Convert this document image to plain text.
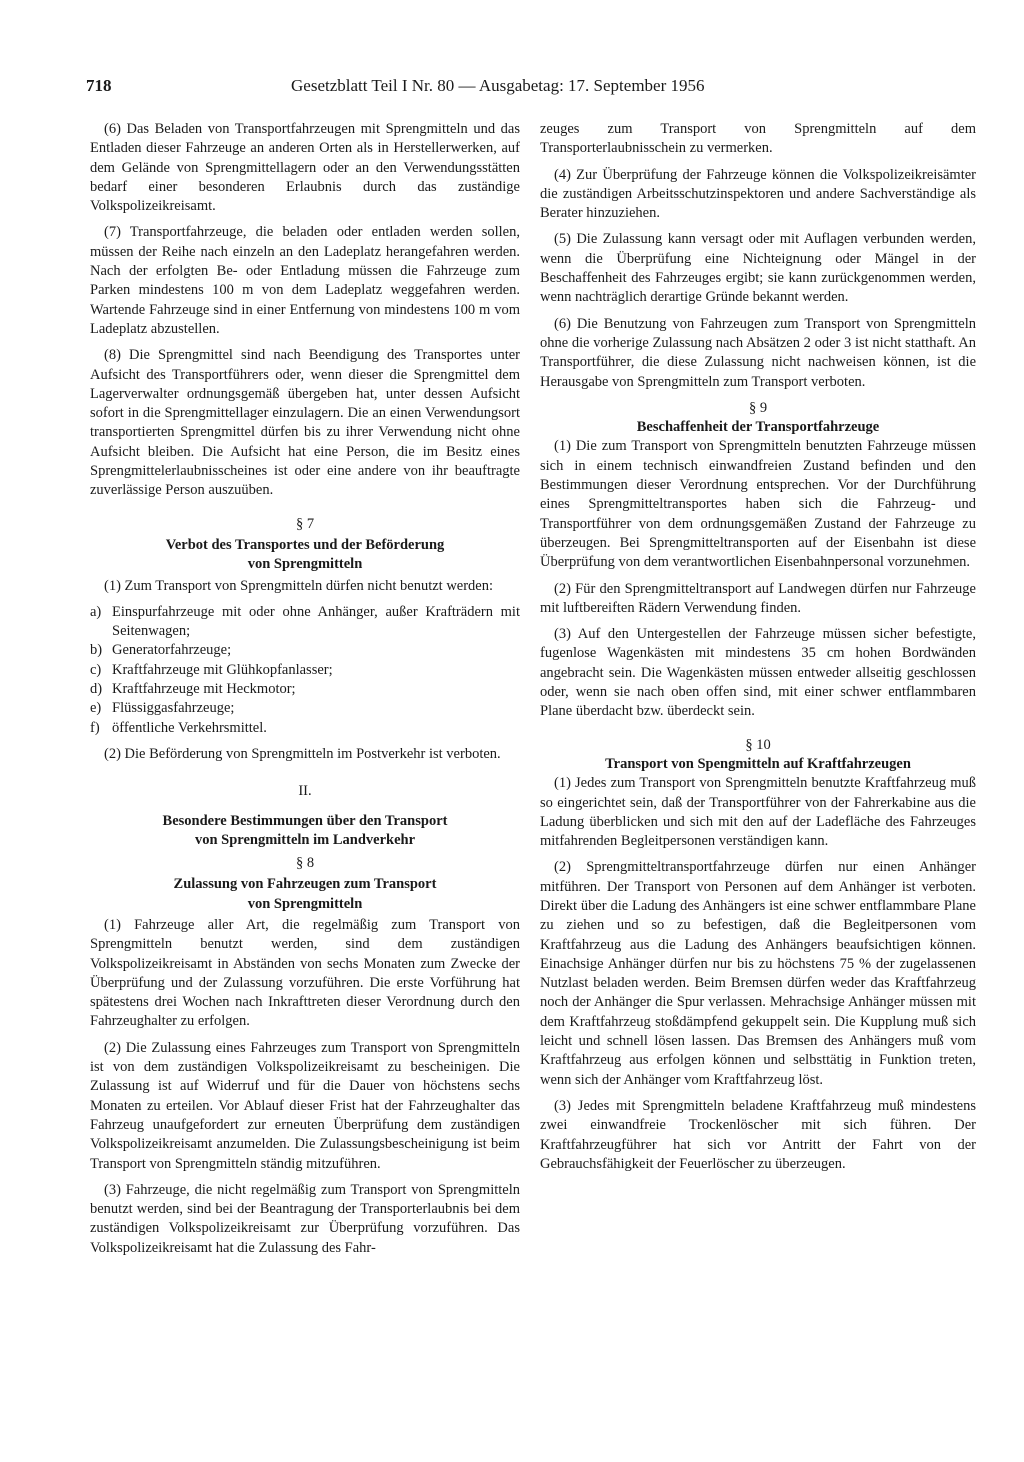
718	Gesetzblatt Teil I Nr. 80 — Ausgabetag: 17. September 1956

(6) Das Beladen von Transportfahrzeugen mit Sprengmitteln und das Entladen dieser Fahrzeuge an anderen Orten als in Herstellerwerken, auf dem Gelände von Sprengmittellagern oder an den Verwendungsstätten bedarf einer besonderen Erlaubnis durch das zuständige Volkspolizeikreisamt.

(7) Transportfahrzeuge, die beladen oder entladen werden sollen, müssen der Reihe nach einzeln an den Ladeplatz herangefahren werden. Nach der erfolgten Be- oder Entladung müssen die Fahrzeuge zum Parken mindestens 100 m von dem Ladeplatz weggefahren werden. Wartende Fahrzeuge sind in einer Entfernung von mindestens 100 m vom Ladeplatz abzustellen.

(8) Die Sprengmittel sind nach Beendigung des Transportes unter Aufsicht des Transportführers oder, wenn dieser die Sprengmittel dem Lagerverwalter ordnungsgemäß übergeben hat, unter dessen Aufsicht sofort in die Sprengmittellager einzulagern. Die an einen Verwendungsort transportierten Sprengmittel dürfen bis zu ihrer Verwendung nicht ohne Aufsicht bleiben. Die Aufsicht hat eine Person, die im Besitz eines Sprengmittelerlaubnisscheines ist oder eine andere von ihr beauftragte zuverlässige Person auszuüben.

§ 7
Verbot des Transportes und der Beförderung
von Sprengmitteln

(1) Zum Transport von Sprengmitteln dürfen nicht benutzt werden:

a) Einspurfahrzeuge mit oder ohne Anhänger, außer Krafträdern mit Seitenwagen;
b) Generatorfahrzeuge;
c) Kraftfahrzeuge mit Glühkopfanlasser;
d) Kraftfahrzeuge mit Heckmotor;
e) Flüssiggasfahrzeuge;
f) öffentliche Verkehrsmittel.

(2) Die Beförderung von Sprengmitteln im Postverkehr ist verboten.

II.
Besondere Bestimmungen über den Transport
von Sprengmitteln im Landverkehr
§ 8
Zulassung von Fahrzeugen zum Transport
von Sprengmitteln

(1) Fahrzeuge aller Art, die regelmäßig zum Transport von Sprengmitteln benutzt werden, sind dem zuständigen Volkspolizeikreisamt in Abständen von sechs Monaten zum Zwecke der Überprüfung und der Zulassung vorzuführen. Die erste Vorführung hat spätestens drei Wochen nach Inkrafttreten dieser Verordnung durch den Fahrzeughalter zu erfolgen.

(2) Die Zulassung eines Fahrzeuges zum Transport von Sprengmitteln ist von dem zuständigen Volkspolizeikreisamt zu bescheinigen. Die Zulassung ist auf Widerruf und für die Dauer von höchstens sechs Monaten zu erteilen. Vor Ablauf dieser Frist hat der Fahrzeughalter das Fahrzeug unaufgefordert zur erneuten Überprüfung dem zuständigen Volkspolizeikreisamt anzumelden. Die Zulassungsbescheinigung ist beim Transport von Sprengmitteln ständig mitzuführen.

(3) Fahrzeuge, die nicht regelmäßig zum Transport von Sprengmitteln benutzt werden, sind bei der Beantragung der Transporterlaubnis bei dem zuständigen Volkspolizeikreisamt zur Überprüfung vorzuführen. Das Volkspolizeikreisamt hat die Zulassung des Fahr-

zeuges zum Transport von Sprengmitteln auf dem Transporterlaubnisschein zu vermerken.

(4) Zur Überprüfung der Fahrzeuge können die Volkspolizeikreisämter die zuständigen Arbeitsschutzinspektoren und andere Sachverständige als Berater hinzuziehen.

(5) Die Zulassung kann versagt oder mit Auflagen verbunden werden, wenn die Überprüfung eine Nichteignung oder Mängel in der Beschaffenheit des Fahrzeuges ergibt; sie kann zurückgenommen werden, wenn nachträglich derartige Gründe bekannt werden.

(6) Die Benutzung von Fahrzeugen zum Transport von Sprengmitteln ohne die vorherige Zulassung nach Absätzen 2 oder 3 ist nicht statthaft. An Transportführer, die diese Zulassung nicht nachweisen können, ist die Herausgabe von Sprengmitteln zum Transport verboten.

§ 9
Beschaffenheit der Transportfahrzeuge

(1) Die zum Transport von Sprengmitteln benutzten Fahrzeuge müssen sich in einem technisch einwandfreien Zustand befinden und den Bestimmungen dieser Verordnung entsprechen. Vor der Durchführung eines Sprengmitteltransportes haben sich die Fahrzeug- und Transportführer von dem ordnungsgemäßen Zustand der Fahrzeuge zu überzeugen. Bei Sprengmitteltransporten auf der Eisenbahn ist diese Überprüfung von dem verantwortlichen Eisenbahnpersonal vorzunehmen.

(2) Für den Sprengmitteltransport auf Landwegen dürfen nur Fahrzeuge mit luftbereiften Rädern Verwendung finden.

(3) Auf den Untergestellen der Fahrzeuge müssen sicher befestigte, fugenlose Wagenkästen mit mindestens 35 cm hohen Bordwänden angebracht sein. Die Wagenkästen müssen entweder allseitig geschlossen oder, wenn sie nach oben offen sind, mit einer schwer entflammbaren Plane überdacht bzw. überdeckt sein.

§ 10
Transport von Spengmitteln auf Kraftfahrzeugen

(1) Jedes zum Transport von Sprengmitteln benutzte Kraftfahrzeug muß so eingerichtet sein, daß der Transportführer von der Fahrerkabine aus die Ladung überblicken und sich mit den auf der Ladefläche des Fahrzeuges mitfahrenden Begleitpersonen verständigen kann.

(2) Sprengmitteltransportfahrzeuge dürfen nur einen Anhänger mitführen. Der Transport von Personen auf dem Anhänger ist verboten. Direkt über die Ladung des Anhängers ist eine schwer entflammbare Plane zu ziehen und so zu befestigen, daß die Begleitpersonen vom Kraftfahrzeug aus die Ladung des Anhängers beaufsichtigen können. Einachsige Anhänger dürfen nur bis zu höchstens 75 % der zugelassenen Nutzlast beladen werden. Beim Bremsen dürfen weder das Kraftfahrzeug noch der Anhänger die Spur verlassen. Mehrachsige Anhänger müssen mit dem Kraftfahrzeug stoßdämpfend gekuppelt sein. Die Kupplung muß sich leicht und schnell lösen lassen. Das Bremsen des Anhängers muß vom Kraftfahrzeug aus erfolgen können und selbsttätig in Funktion treten, wenn sich der Anhänger vom Kraftfahrzeug löst.

(3) Jedes mit Sprengmitteln beladene Kraftfahrzeug muß mindestens zwei einwandfreie Trockenlöscher mit sich führen. Der Kraftfahrzeugführer hat sich vor Antritt der Fahrt von der Gebrauchsfähigkeit der Feuerlöscher zu überzeugen.
